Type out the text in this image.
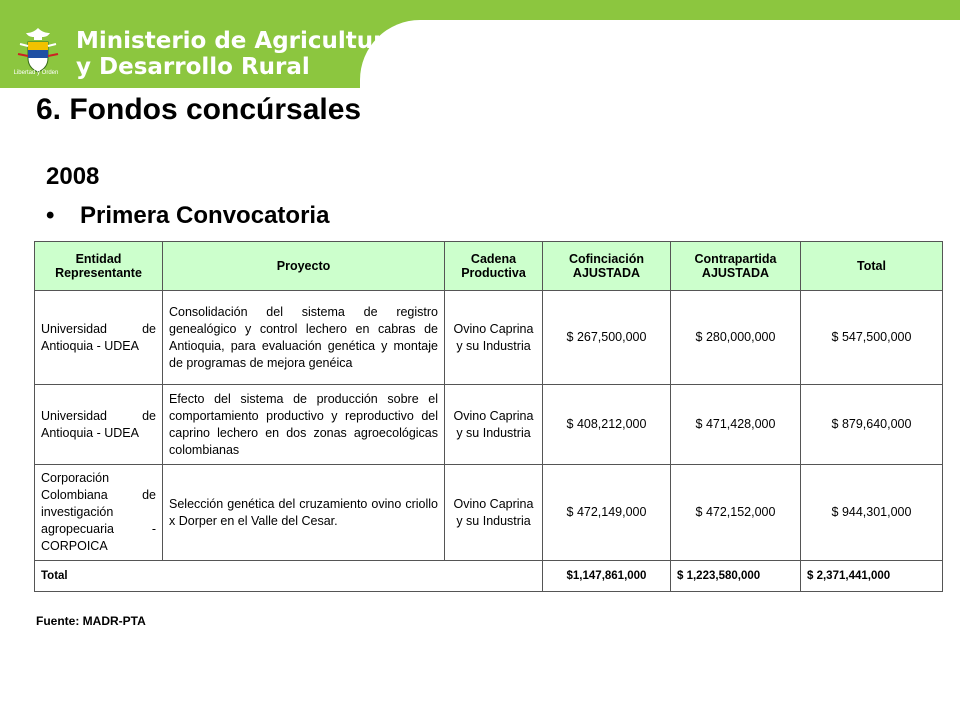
Libertad y Orden
Ministerio de Agricultura
y Desarrollo Rural
6. Fondos concúrsales
2008
• Primera Convocatoria
Entidad Representante	Proyecto	Cadena Productiva	Cofinciación AJUSTADA	Contrapartida AJUSTADA	Total
Universidad de Antioquia - UDEA	Consolidación del sistema de registro genealógico y control lechero en cabras de Antioquia, para evaluación genética y montaje de programas de mejora genéica	Ovino Caprina y su Industria	$ 267,500,000	$ 280,000,000	$ 547,500,000
Universidad de Antioquia - UDEA	Efecto del sistema de producción sobre el comportamiento productivo y reproductivo del caprino lechero en dos zonas agroecológicas colombianas	Ovino Caprina y su Industria	$ 408,212,000	$ 471,428,000	$ 879,640,000
Corporación Colombiana de investigación agropecuaria - CORPOICA	Selección genética del cruzamiento ovino criollo x Dorper en el Valle del Cesar.	Ovino Caprina y su Industria	$ 472,149,000	$ 472,152,000	$ 944,301,000
Total			$1,147,861,000	$ 1,223,580,000	$ 2,371,441,000
Fuente: MADR-PTA
